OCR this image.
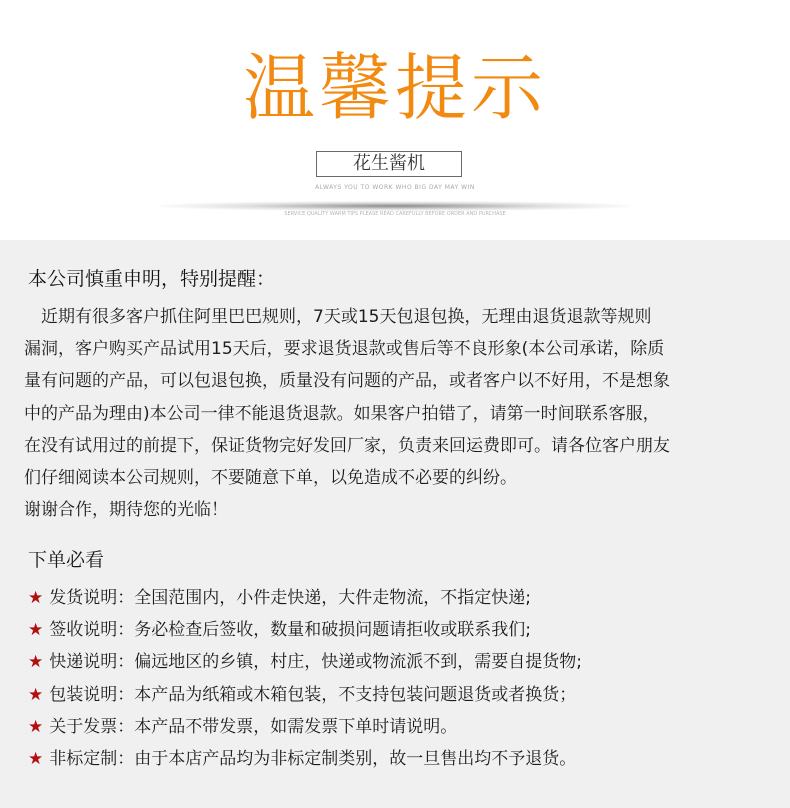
温馨提示
花生酱机
ALWAYS YOU TO WORK WHO BIG DAY MAY WIN
SERVICE QUALITY WARM TIPS PLEASE READ CAREFULLY BEFORE ORDER AND PURCHASE
本公司慎重申明，特别提醒：
　近期有很多客户抓住阿里巴巴规则，7天或15天包退包换，无理由退货退款等规则
漏洞，客户购买产品试用15天后，要求退货退款或售后等不良形象(本公司承诺，除质
量有问题的产品，可以包退包换，质量没有问题的产品，或者客户以不好用，不是想象
中的产品为理由)本公司一律不能退货退款。如果客户拍错了，请第一时间联系客服，
在没有试用过的前提下，保证货物完好发回厂家，负责来回运费即可。请各位客户朋友
们仔细阅读本公司规则，不要随意下单，以免造成不必要的纠纷。
谢谢合作，期待您的光临！
下单必看
★ 发货说明：全国范围内，小件走快递，大件走物流，不指定快递;
★ 签收说明：务必检查后签收，数量和破损问题请拒收或联系我们;
★ 快递说明：偏远地区的乡镇，村庄，快递或物流派不到，需要自提货物;
★ 包装说明：本产品为纸箱或木箱包装，不支持包装问题退货或者换货；
★ 关于发票：本产品不带发票，如需发票下单时请说明。
★ 非标定制：由于本店产品均为非标定制类别，故一旦售出均不予退货。
